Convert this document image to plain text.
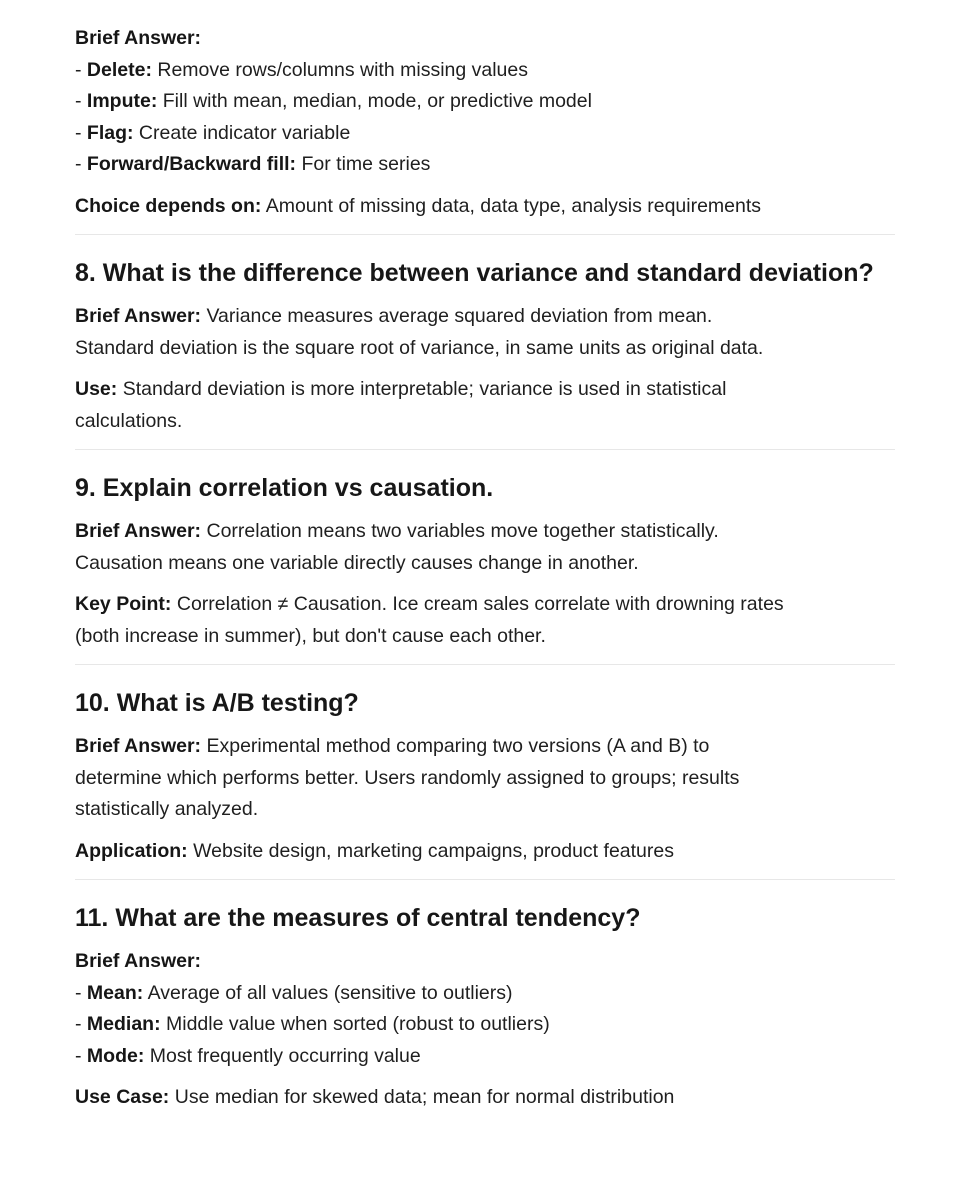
Brief Answer:
- Delete: Remove rows/columns with missing values
- Impute: Fill with mean, median, mode, or predictive model
- Flag: Create indicator variable
- Forward/Backward fill: For time series
Choice depends on: Amount of missing data, data type, analysis requirements
8. What is the difference between variance and standard deviation?
Brief Answer: Variance measures average squared deviation from mean.
Standard deviation is the square root of variance, in same units as original data.
Use: Standard deviation is more interpretable; variance is used in statistical
calculations.
9. Explain correlation vs causation.
Brief Answer: Correlation means two variables move together statistically.
Causation means one variable directly causes change in another.
Key Point: Correlation ≠ Causation. Ice cream sales correlate with drowning rates
(both increase in summer), but don't cause each other.
10. What is A/B testing?
Brief Answer: Experimental method comparing two versions (A and B) to
determine which performs better. Users randomly assigned to groups; results
statistically analyzed.
Application: Website design, marketing campaigns, product features
11. What are the measures of central tendency?
Brief Answer:
- Mean: Average of all values (sensitive to outliers)
- Median: Middle value when sorted (robust to outliers)
- Mode: Most frequently occurring value
Use Case: Use median for skewed data; mean for normal distribution
